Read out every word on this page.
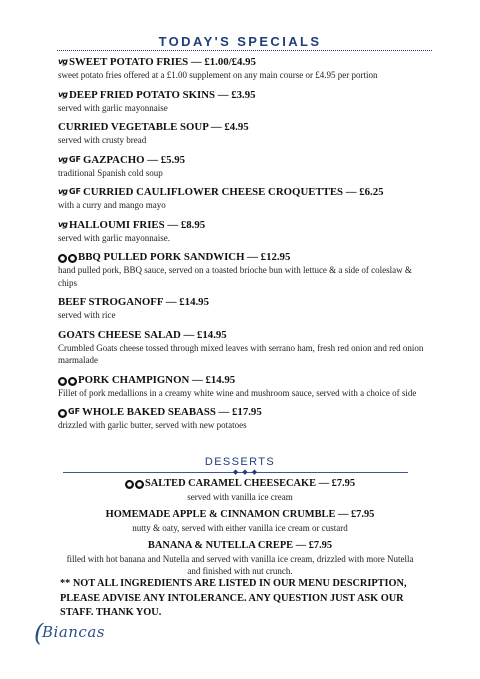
TODAY'S SPECIALS
vg SWEET POTATO FRIES — £1.00/£4.95
sweet potato fries offered at a £1.00 supplement on any main course or £4.95 per portion
vg DEEP FRIED POTATO SKINS — £3.95
served with garlic mayonnaise
CURRIED VEGETABLE SOUP — £4.95
served with crusty bread
vg GF GAZPACHO — £5.95
traditional Spanish cold soup
vg GF CURRIED CAULIFLOWER CHEESE CROQUETTES — £6.25
with a curry and mango mayo
vg HALLOUMI FRIES — £8.95
served with garlic mayonnaise.
● ● BBQ PULLED PORK SANDWICH — £12.95
hand pulled pork, BBQ sauce, served on a toasted brioche bun with lettuce & a side of coleslaw & chips
BEEF STROGANOFF — £14.95
served with rice
GOATS CHEESE SALAD — £14.95
Crumbled Goats cheese tossed through mixed leaves with serrano ham, fresh red onion and red onion marmalade
● ● PORK CHAMPIGNON — £14.95
Fillet of pork medallions in a creamy white wine and mushroom sauce, served with a choice of side
● GF WHOLE BAKED SEABASS — £17.95
drizzled with garlic butter, served with new potatoes
DESSERTS
◆◆◆
● ● SALTED CARAMEL CHEESECAKE — £7.95
served with vanilla ice cream
HOMEMADE APPLE & CINNAMON CRUMBLE — £7.95
nutty & oaty, served with either vanilla ice cream or custard
BANANA & NUTELLA CREPE — £7.95
filled with hot banana and Nutella and served with vanilla ice cream, drizzled with more Nutella and finished with nut crunch.
** NOT ALL INGREDIENTS ARE LISTED IN OUR MENU DESCRIPTION, PLEASE ADVISE ANY INTOLERANCE. ANY QUESTION JUST ASK OUR STAFF. THANK YOU.
(
Biancas
